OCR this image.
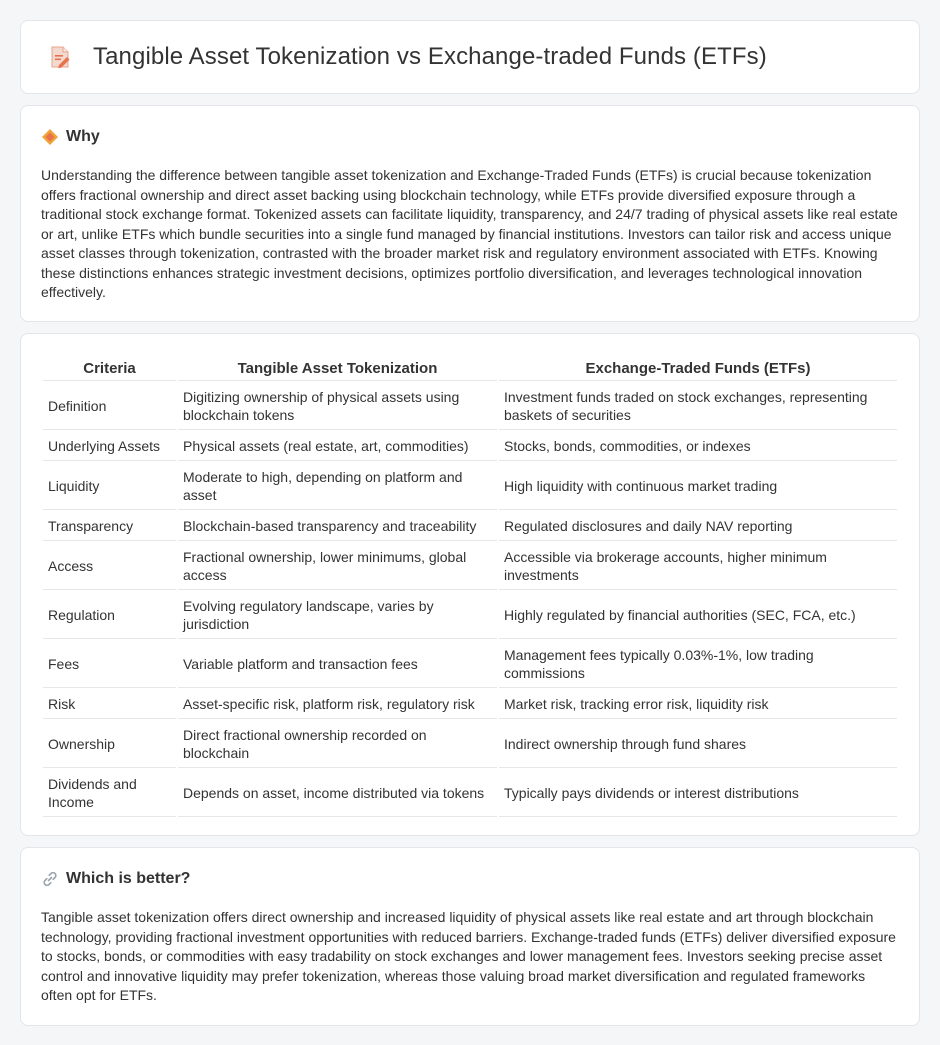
Tangible Asset Tokenization vs Exchange-traded Funds (ETFs)
Why

Understanding the difference between tangible asset tokenization and Exchange-Traded Funds (ETFs) is crucial because tokenization offers fractional ownership and direct asset backing using blockchain technology, while ETFs provide diversified exposure through a traditional stock exchange format. Tokenized assets can facilitate liquidity, transparency, and 24/7 trading of physical assets like real estate or art, unlike ETFs which bundle securities into a single fund managed by financial institutions. Investors can tailor risk and access unique asset classes through tokenization, contrasted with the broader market risk and regulatory environment associated with ETFs. Knowing these distinctions enhances strategic investment decisions, optimizes portfolio diversification, and leverages technological innovation effectively.

Criteria	Tangible Asset Tokenization	Exchange-Traded Funds (ETFs)
Definition	Digitizing ownership of physical assets using blockchain tokens	Investment funds traded on stock exchanges, representing baskets of securities
Underlying Assets	Physical assets (real estate, art, commodities)	Stocks, bonds, commodities, or indexes
Liquidity	Moderate to high, depending on platform and asset	High liquidity with continuous market trading
Transparency	Blockchain-based transparency and traceability	Regulated disclosures and daily NAV reporting
Access	Fractional ownership, lower minimums, global access	Accessible via brokerage accounts, higher minimum investments
Regulation	Evolving regulatory landscape, varies by jurisdiction	Highly regulated by financial authorities (SEC, FCA, etc.)
Fees	Variable platform and transaction fees	Management fees typically 0.03%-1%, low trading commissions
Risk	Asset-specific risk, platform risk, regulatory risk	Market risk, tracking error risk, liquidity risk
Ownership	Direct fractional ownership recorded on blockchain	Indirect ownership through fund shares
Dividends and Income	Depends on asset, income distributed via tokens	Typically pays dividends or interest distributions
Which is better?

Tangible asset tokenization offers direct ownership and increased liquidity of physical assets like real estate and art through blockchain technology, providing fractional investment opportunities with reduced barriers. Exchange-traded funds (ETFs) deliver diversified exposure to stocks, bonds, or commodities with easy tradability on stock exchanges and lower management fees. Investors seeking precise asset control and innovative liquidity may prefer tokenization, whereas those valuing broad market diversification and regulated frameworks often opt for ETFs.
